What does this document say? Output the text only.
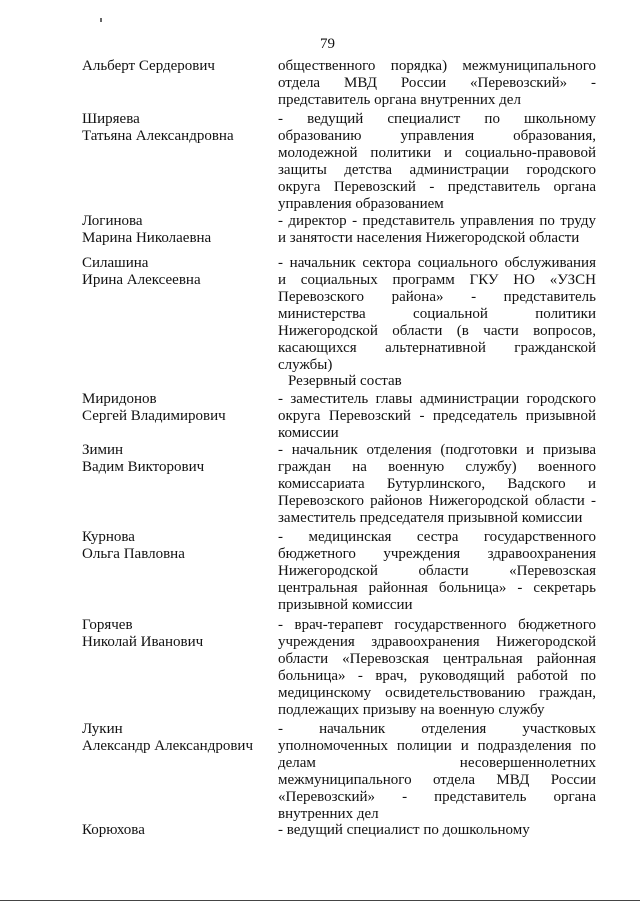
79
Резервный состав
Альберт Сердерович	общественного порядка) межмуниципального
отдела МВД России «Перевозский» -
представитель органа внутренних дел
Ширяева
Татьяна Александровна
- ведущий специалист по школьному
образованию управления образования,
молодежной политики и социально-правовой
защиты детства администрации городского
округа Перевозский - представитель органа
управления образованием
Логинова
Марина Николаевна
- директор - представитель управления по труду
и занятости населения Нижегородской области
Силашина
Ирина Алексеевна
- начальник сектора социального обслуживания
и социальных программ ГКУ НО «УЗСН
Перевозского района» - представитель
министерства социальной политики
Нижегородской области (в части вопросов,
касающихся альтернативной гражданской
службы)
Миридонов
Сергей Владимирович
- заместитель главы администрации городского
округа Перевозский - председатель призывной
комиссии
Зимин
Вадим Викторович
- начальник отделения (подготовки и призыва
граждан на военную службу) военного
комиссариата Бутурлинского, Вадского и
Перевозского районов Нижегородской области -
заместитель председателя призывной комиссии
Курнова
Ольга Павловна
- медицинская сестра государственного
бюджетного учреждения здравоохранения
Нижегородской области «Перевозская
центральная районная больница» - секретарь
призывной комиссии
Горячев
Николай Иванович
- врач-терапевт государственного бюджетного
учреждения здравоохранения Нижегородской
области «Перевозская центральная районная
больница» - врач, руководящий работой по
медицинскому освидетельствованию граждан,
подлежащих призыву на военную службу
Лукин
Александр Александрович
- начальник отделения участковых
уполномоченных полиции и подразделения по
делам несовершеннолетних
межмуниципального отдела МВД России
«Перевозский» - представитель органа
внутренних дел
Корюхова	- ведущий специалист по дошкольному
